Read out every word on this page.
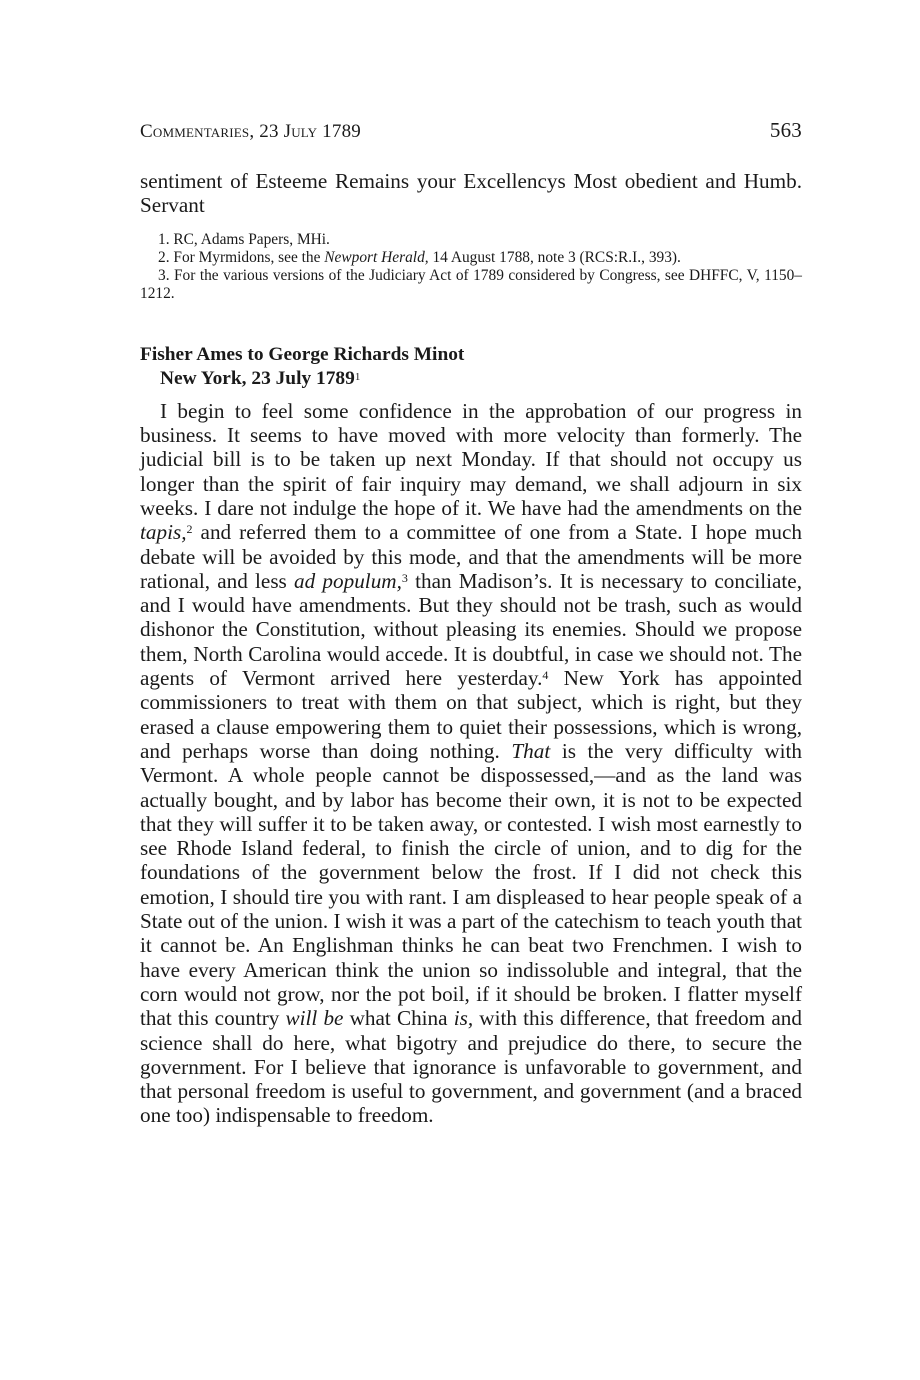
Commentaries, 23 July 1789	563

sentiment of Esteeme Remains your Excellencys Most obedient and Humb. Servant

1. RC, Adams Papers, MHi.

2. For Myrmidons, see the Newport Herald, 14 August 1788, note 3 (RCS:R.I., 393).

3. For the various versions of the Judiciary Act of 1789 considered by Congress, see DHFFC, V, 1150–1212.

Fisher Ames to George Richards Minot
New York, 23 July 1789$^1$

I begin to feel some confidence in the approbation of our progress in business. It seems to have moved with more velocity than formerly. The judicial bill is to be taken up next Monday. If that should not occupy us longer than the spirit of fair inquiry may demand, we shall adjourn in six weeks. I dare not indulge the hope of it. We have had the amendments on the tapis,$^2$ and referred them to a committee of one from a State. I hope much debate will be avoided by this mode, and that the amendments will be more rational, and less ad populum,$^3$ than Madison’s. It is necessary to conciliate, and I would have amendments. But they should not be trash, such as would dishonor the Constitution, without pleasing its enemies. Should we propose them, North Carolina would accede. It is doubtful, in case we should not. The agents of Vermont arrived here yesterday.$^4$ New York has appointed commissioners to treat with them on that subject, which is right, but they erased a clause empowering them to quiet their possessions, which is wrong, and perhaps worse than doing nothing. That is the very difficulty with Vermont. A whole people cannot be dispossessed,—and as the land was actually bought, and by labor has become their own, it is not to be expected that they will suffer it to be taken away, or contested. I wish most earnestly to see Rhode Island federal, to finish the circle of union, and to dig for the foundations of the government below the frost. If I did not check this emotion, I should tire you with rant. I am displeased to hear people speak of a State out of the union. I wish it was a part of the catechism to teach youth that it cannot be. An Englishman thinks he can beat two Frenchmen. I wish to have every American think the union so indissoluble and integral, that the corn would not grow, nor the pot boil, if it should be broken. I flatter myself that this country will be what China is, with this difference, that freedom and science shall do here, what bigotry and prejudice do there, to secure the government. For I believe that ignorance is unfavorable to government, and that personal freedom is useful to government, and government (and a braced one too) indispensable to freedom.
